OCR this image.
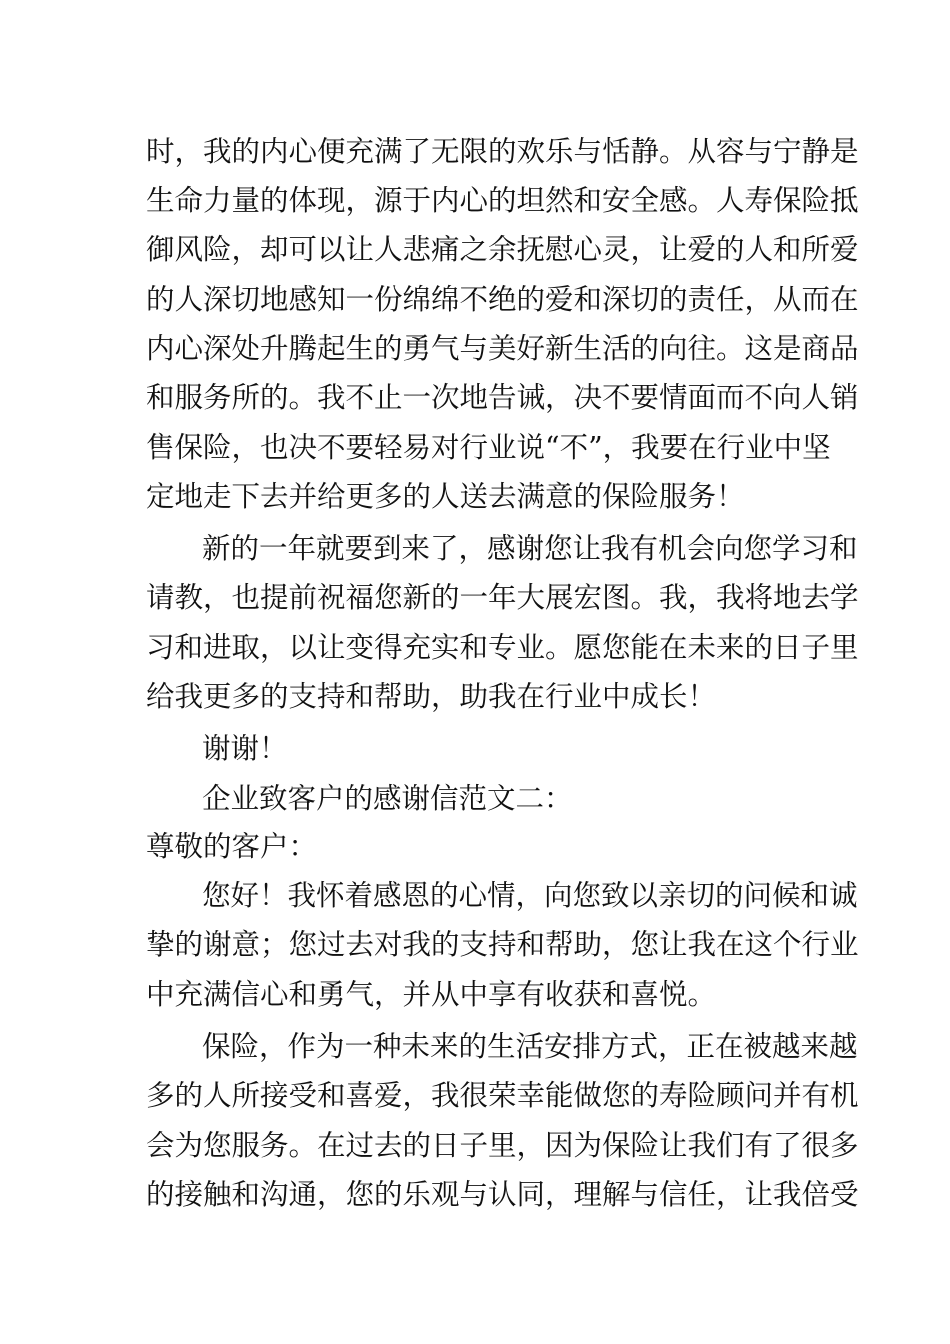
时，我的内心便充满了无限的欢乐与恬静。从容与宁静是

生命力量的体现，源于内心的坦然和安全感。人寿保险抵

御风险，却可以让人悲痛之余抚慰心灵，让爱的人和所爱

的人深切地感知一份绵绵不绝的爱和深切的责任，从而在

内心深处升腾起生的勇气与美好新生活的向往。这是商品

和服务所的。我不止一次地告诫，决不要情面而不向人销

售保险，也决不要轻易对行业说“不”，我要在行业中坚

定地走下去并给更多的人送去满意的保险服务！

新的一年就要到来了，感谢您让我有机会向您学习和

请教，也提前祝福您新的一年大展宏图。我，我将地去学

习和进取，以让变得充实和专业。愿您能在未来的日子里

给我更多的支持和帮助，助我在行业中成长！

谢谢！

企业致客户的感谢信范文二：

尊敬的客户：

您好！我怀着感恩的心情，向您致以亲切的问候和诚

挚的谢意；您过去对我的支持和帮助，您让我在这个行业

中充满信心和勇气，并从中享有收获和喜悦。

保险，作为一种未来的生活安排方式，正在被越来越

多的人所接受和喜爱，我很荣幸能做您的寿险顾问并有机

会为您服务。在过去的日子里，因为保险让我们有了很多

的接触和沟通，您的乐观与认同，理解与信任，让我倍受
